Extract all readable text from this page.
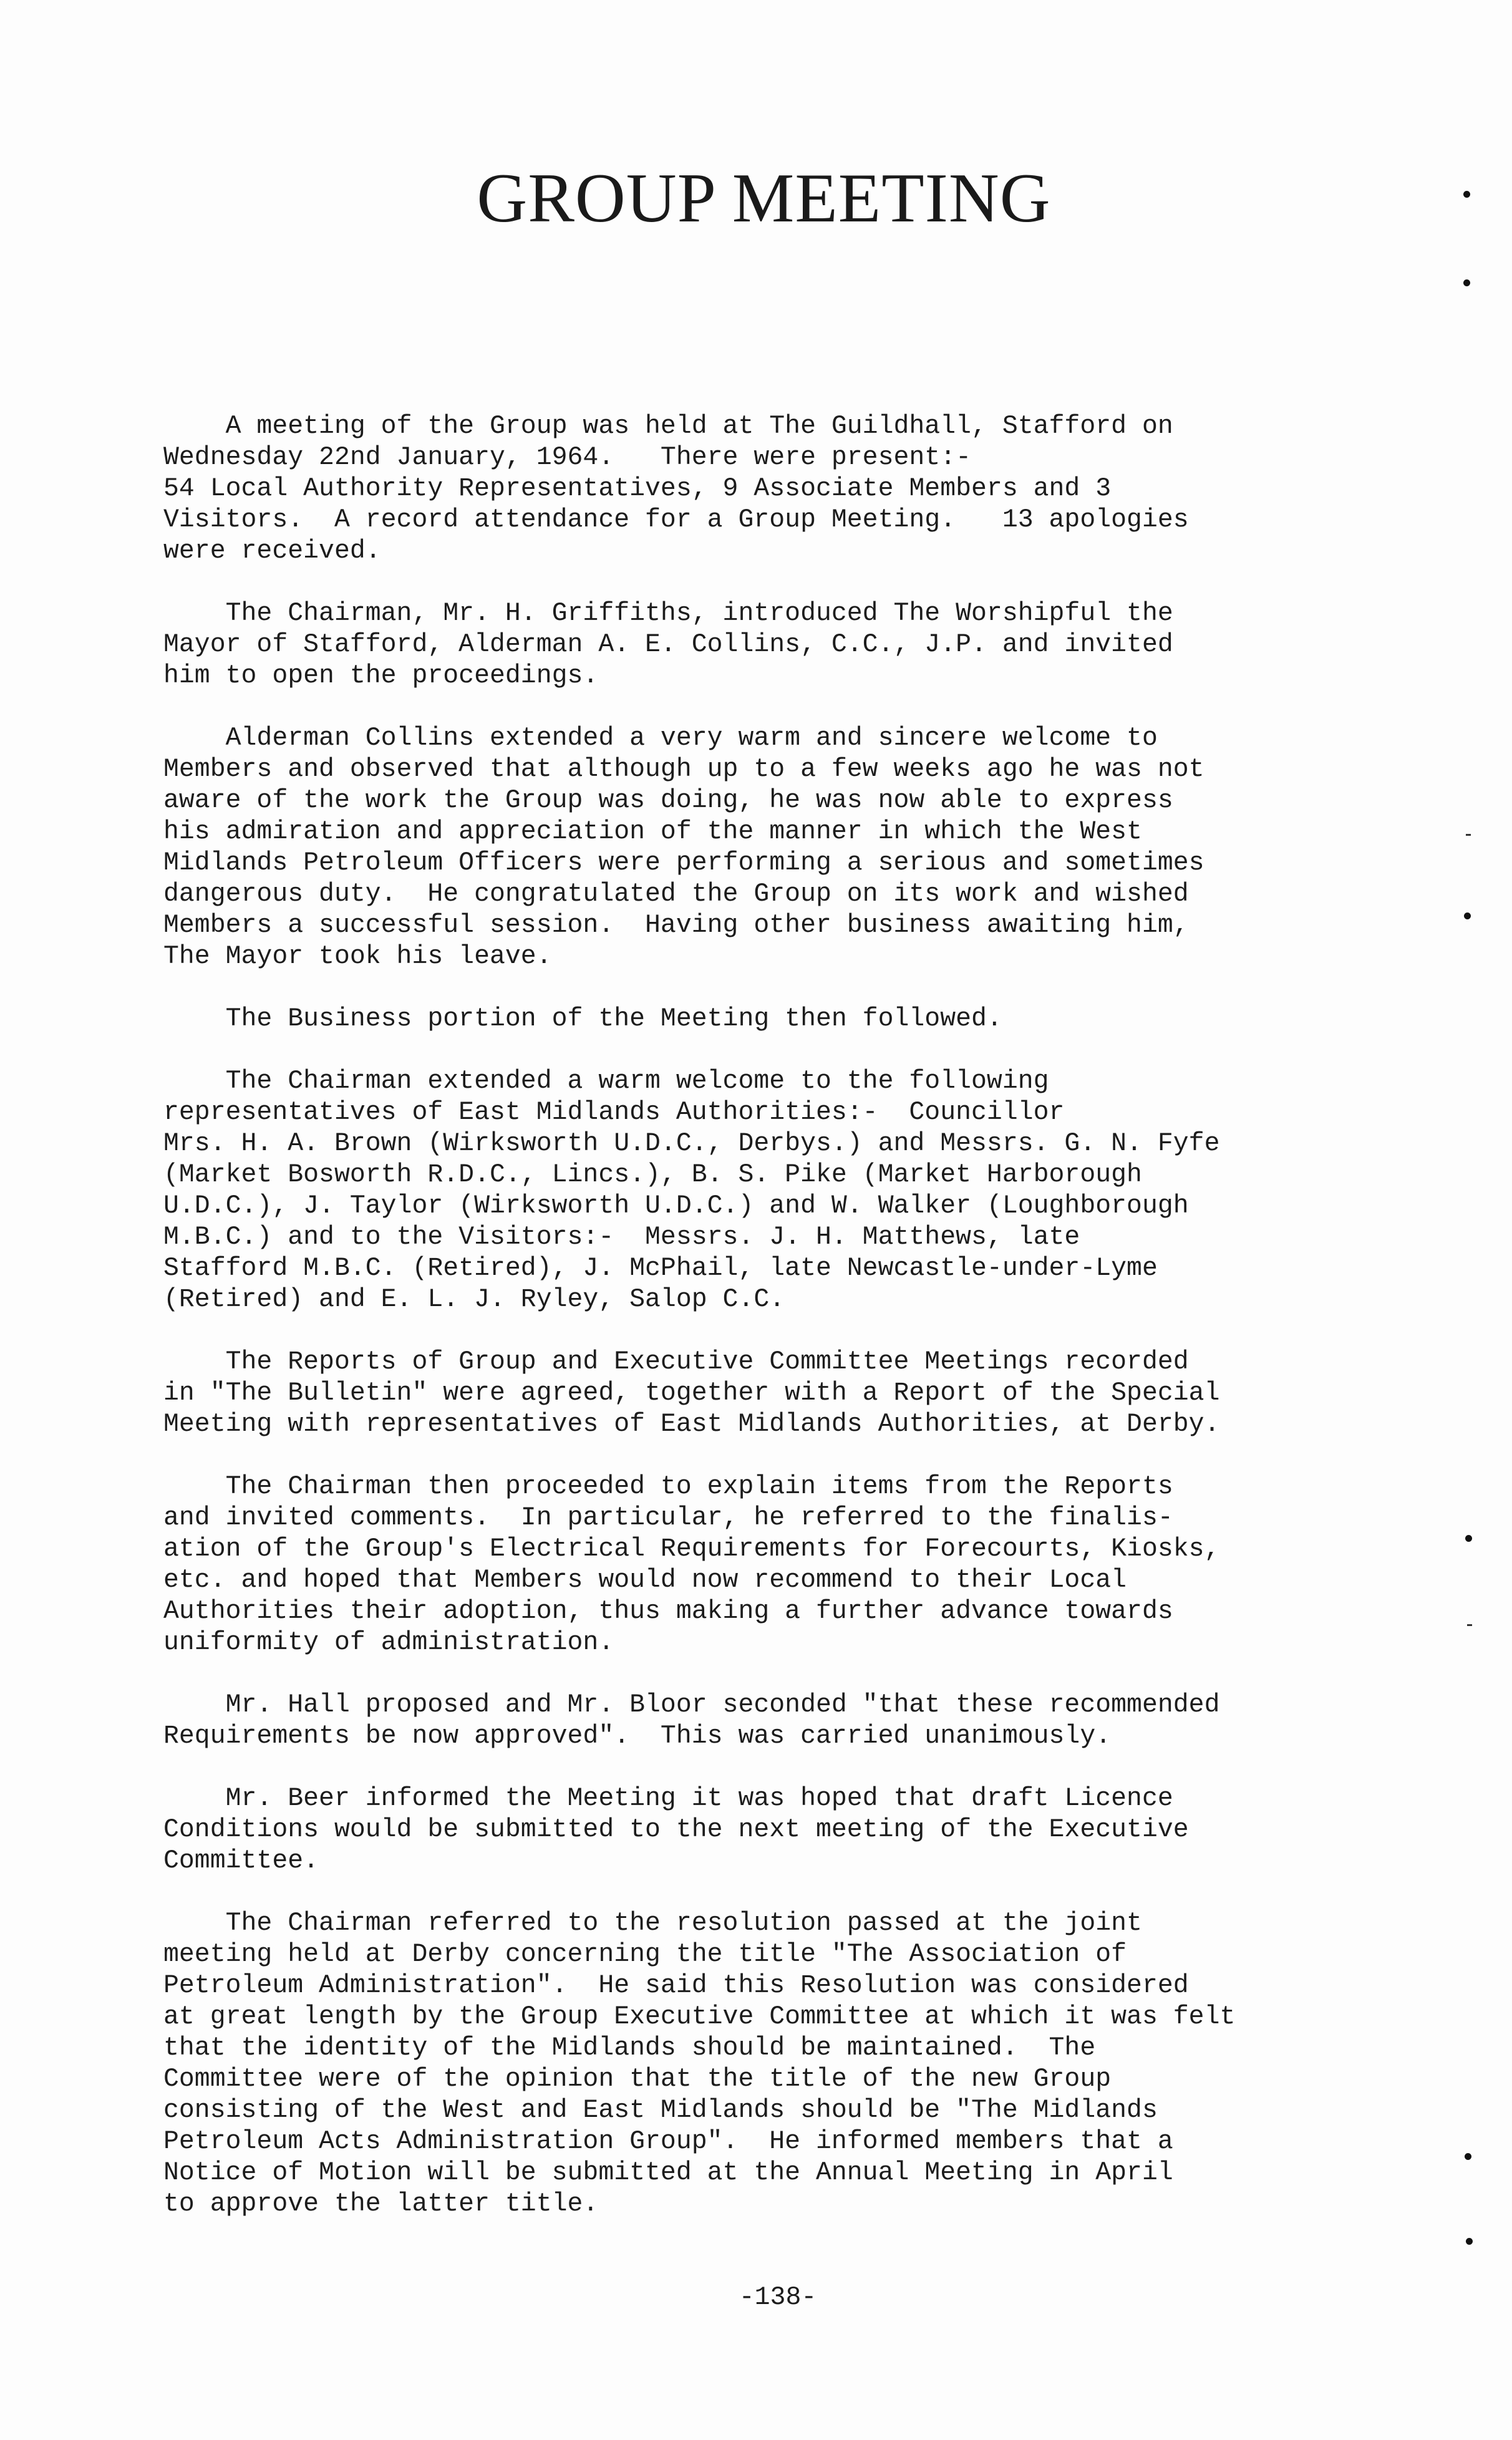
GROUP MEETING
A meeting of the Group was held at The Guildhall, Stafford on
Wednesday 22nd January, 1964.   There were present:-
54 Local Authority Representatives, 9 Associate Members and 3
Visitors.  A record attendance for a Group Meeting.   13 apologies
were received.
The Chairman, Mr. H. Griffiths, introduced The Worshipful the
Mayor of Stafford, Alderman A. E. Collins, C.C., J.P. and invited
him to open the proceedings.
Alderman Collins extended a very warm and sincere welcome to
Members and observed that although up to a few weeks ago he was not
aware of the work the Group was doing, he was now able to express
his admiration and appreciation of the manner in which the West
Midlands Petroleum Officers were performing a serious and sometimes
dangerous duty.  He congratulated the Group on its work and wished
Members a successful session.  Having other business awaiting him,
The Mayor took his leave.
The Business portion of the Meeting then followed.
The Chairman extended a warm welcome to the following
representatives of East Midlands Authorities:-  Councillor
Mrs. H. A. Brown (Wirksworth U.D.C., Derbys.) and Messrs. G. N. Fyfe
(Market Bosworth R.D.C., Lincs.), B. S. Pike (Market Harborough
U.D.C.), J. Taylor (Wirksworth U.D.C.) and W. Walker (Loughborough
M.B.C.) and to the Visitors:-  Messrs. J. H. Matthews, late
Stafford M.B.C. (Retired), J. McPhail, late Newcastle-under-Lyme
(Retired) and E. L. J. Ryley, Salop C.C.
The Reports of Group and Executive Committee Meetings recorded
in "The Bulletin" were agreed, together with a Report of the Special
Meeting with representatives of East Midlands Authorities, at Derby.
The Chairman then proceeded to explain items from the Reports
and invited comments.  In particular, he referred to the finalis-
ation of the Group's Electrical Requirements for Forecourts, Kiosks,
etc. and hoped that Members would now recommend to their Local
Authorities their adoption, thus making a further advance towards
uniformity of administration.
Mr. Hall proposed and Mr. Bloor seconded "that these recommended
Requirements be now approved".  This was carried unanimously.
Mr. Beer informed the Meeting it was hoped that draft Licence
Conditions would be submitted to the next meeting of the Executive
Committee.
The Chairman referred to the resolution passed at the joint
meeting held at Derby concerning the title "The Association of
Petroleum Administration".  He said this Resolution was considered
at great length by the Group Executive Committee at which it was felt
that the identity of the Midlands should be maintained.  The
Committee were of the opinion that the title of the new Group
consisting of the West and East Midlands should be "The Midlands
Petroleum Acts Administration Group".  He informed members that a
Notice of Motion will be submitted at the Annual Meeting in April
to approve the latter title.
-138-
